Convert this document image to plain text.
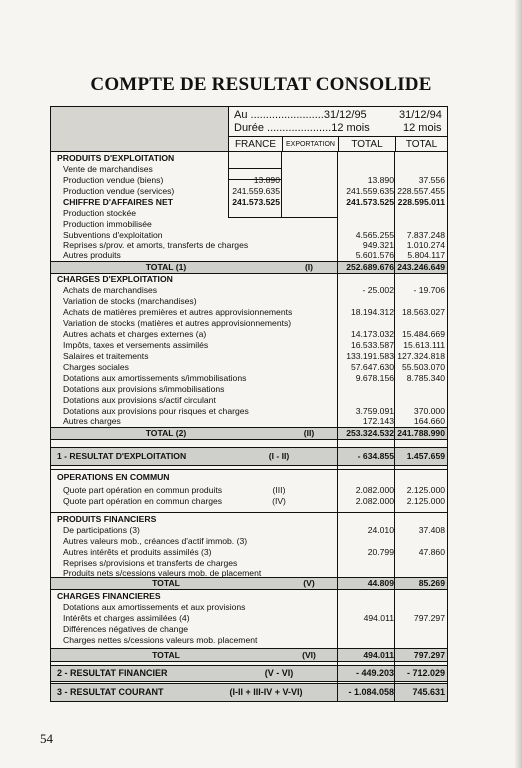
COMPTE DE RESULTAT CONSOLIDE
Au ........................31/12/95	31/12/94
Durée .....................12 mois	12 mois
FRANCE	EXPORTATION	TOTAL	TOTAL
PRODUITS D'EXPLOITATION
Vente de marchandises
Production vendue (biens)	13.890	13.890	37.556
Production vendue (services)	241.559.635	241.559.635 228.557.455
CHIFFRE D'AFFAIRES NET	241.573.525	241.573.525 228.595.011
Production stockée
Production immobilisée
Subventions d'exploitation	4.565.255	7.837.248
Reprises s/prov. et amorts, transferts de charges	949.321	1.010.274
Autres produits	5.601.576	5.804.117
TOTAL (1)	(I)	252.689.676 243.246.649
CHARGES D'EXPLOITATION
Achats de marchandises	- 25.002	- 19.706
Variation de stocks (marchandises)
Achats de matières premières et autres approvisionnements	18.194.312 18.563.027
Variation de stocks (matières et autres approvisionnements)
Autres achats et charges externes (a)	14.173.032 15.484.669
Impôts, taxes et versements assimilés	16.533.587	15.613.111
Salaires et traitements	133.191.583 127.324.818
Charges sociales	57.647.630 55.503.070
Dotations aux amortissements s/immobilisations	9.678.156	8.785.340
Dotations aux provisions s/immobilisations
Dotations aux provisions s/actif circulant
Dotations aux provisions pour risques et charges	3.759.091	370.000
Autres charges	172.143	164.660
TOTAL (2)	(II)	253.324.532 241.788.990
1 - RESULTAT D'EXPLOITATION	(I - II)	- 634.855	1.457.659
OPERATIONS EN COMMUN
Quote part opération en commun produits	(III)	2.082.000	2.125.000
Quote part opération en commun charges	(IV)	2.082.000	2.125.000
PRODUITS FINANCIERS
De participations (3)	24.010	37.408
Autres valeurs mob., créances d'actif immob. (3)
Autres intérêts et produits assimilés (3)	20.799	47.860
Reprises s/provisions et transferts de charges
Produits nets s/cessions valeurs mob. de placement
TOTAL	(V)	44.809	85.269
CHARGES FINANCIERES
Dotations aux amortissements et aux provisions
Intérêts et charges assimilées (4)	494.011	797.297
Différences négatives de change
Charges nettes s/cessions valeurs mob. placement
TOTAL	(VI)	494.011	797.297
2 - RESULTAT FINANCIER	(V - VI)	- 449.203	- 712.029
3 - RESULTAT COURANT	(I-II + III-IV + V-VI)	- 1.084.058	745.631
54
